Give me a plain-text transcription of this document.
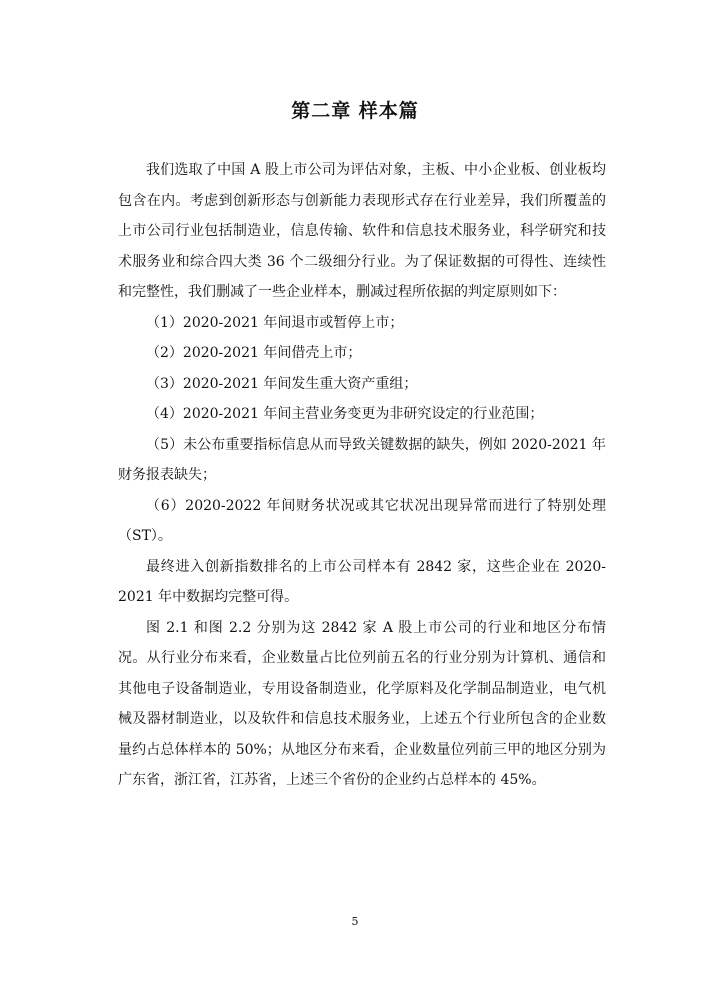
第二章 样本篇

我们选取了中国 A 股上市公司为评估对象，主板、中小企业板、创业板均包含在内。考虑到创新形态与创新能力表现形式存在行业差异，我们所覆盖的上市公司行业包括制造业，信息传输、软件和信息技术服务业，科学研究和技术服务业和综合四大类 36 个二级细分行业。为了保证数据的可得性、连续性和完整性，我们删减了一些企业样本，删减过程所依据的判定原则如下：

（1）2020-2021 年间退市或暂停上市；

（2）2020-2021 年间借壳上市；

（3）2020-2021 年间发生重大资产重组；

（4）2020-2021 年间主营业务变更为非研究设定的行业范围；

（5）未公布重要指标信息从而导致关键数据的缺失，例如 2020-2021 年财务报表缺失；

（6）2020-2022 年间财务状况或其它状况出现异常而进行了特别处理（ST）。

最终进入创新指数排名的上市公司样本有 2842 家，这些企业在 2020-2021 年中数据均完整可得。

图 2.1 和图 2.2 分别为这 2842 家 A 股上市公司的行业和地区分布情况。从行业分布来看，企业数量占比位列前五名的行业分别为计算机、通信和其他电子设备制造业，专用设备制造业，化学原料及化学制品制造业，电气机械及器材制造业，以及软件和信息技术服务业，上述五个行业所包含的企业数量约占总体样本的 50%；从地区分布来看，企业数量位列前三甲的地区分别为广东省，浙江省，江苏省，上述三个省份的企业约占总样本的 45%。

5
